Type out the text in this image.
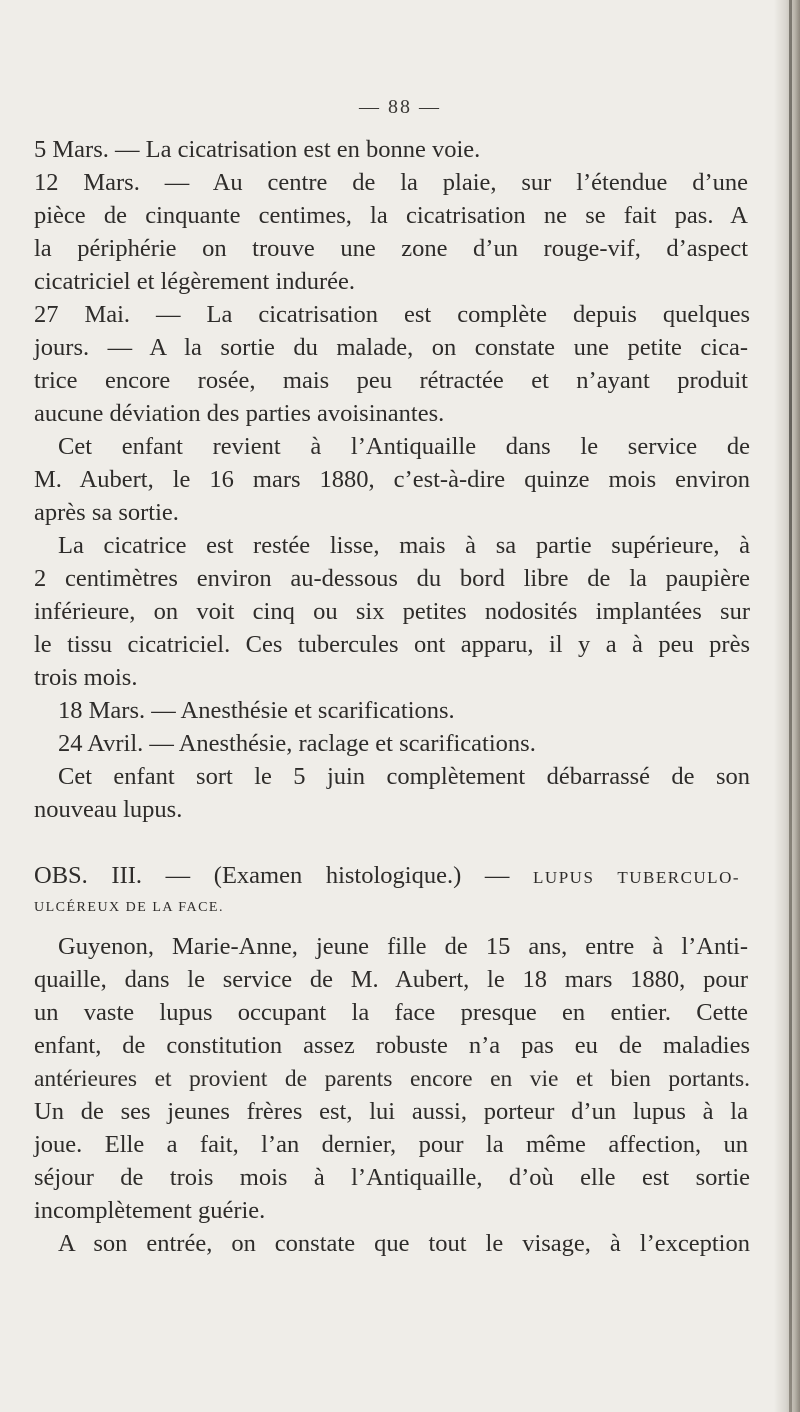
— 88 —
5 Mars. — La cicatrisation est en bonne voie.
12 Mars. — Au centre de la plaie, sur l’étendue d’une
pièce de cinquante centimes, la cicatrisation ne se fait pas. A
la périphérie on trouve une zone d’un rouge-vif, d’aspect
cicatriciel et légèrement indurée.
27 Mai. — La cicatrisation est complète depuis quelques
jours. — A la sortie du malade, on constate une petite cica-
trice encore rosée, mais peu rétractée et n’ayant produit
aucune déviation des parties avoisinantes.
Cet enfant revient à l’Antiquaille dans le service de
M. Aubert, le 16 mars 1880, c’est-à-dire quinze mois environ
après sa sortie.
La cicatrice est restée lisse, mais à sa partie supérieure, à
2 centimètres environ au-dessous du bord libre de la paupière
inférieure, on voit cinq ou six petites nodosités implantées sur
le tissu cicatriciel. Ces tubercules ont apparu, il y a à peu près
trois mois.
18 Mars. — Anesthésie et scarifications.
24 Avril. — Anesthésie, raclage et scarifications.
Cet enfant sort le 5 juin complètement débarrassé de son
nouveau lupus.
OBS. III. — (Examen histologique.) — LUPUS TUBERCULO-
ULCÉREUX DE LA FACE.
Guyenon, Marie-Anne, jeune fille de 15 ans, entre à l’Anti-
quaille, dans le service de M. Aubert, le 18 mars 1880, pour
un vaste lupus occupant la face presque en entier. Cette
enfant, de constitution assez robuste n’a pas eu de maladies
antérieures et provient de parents encore en vie et bien portants.
Un de ses jeunes frères est, lui aussi, porteur d’un lupus à la
joue. Elle a fait, l’an dernier, pour la même affection, un
séjour de trois mois à l’Antiquaille, d’où elle est sortie
incomplètement guérie.
A son entrée, on constate que tout le visage, à l’exception
